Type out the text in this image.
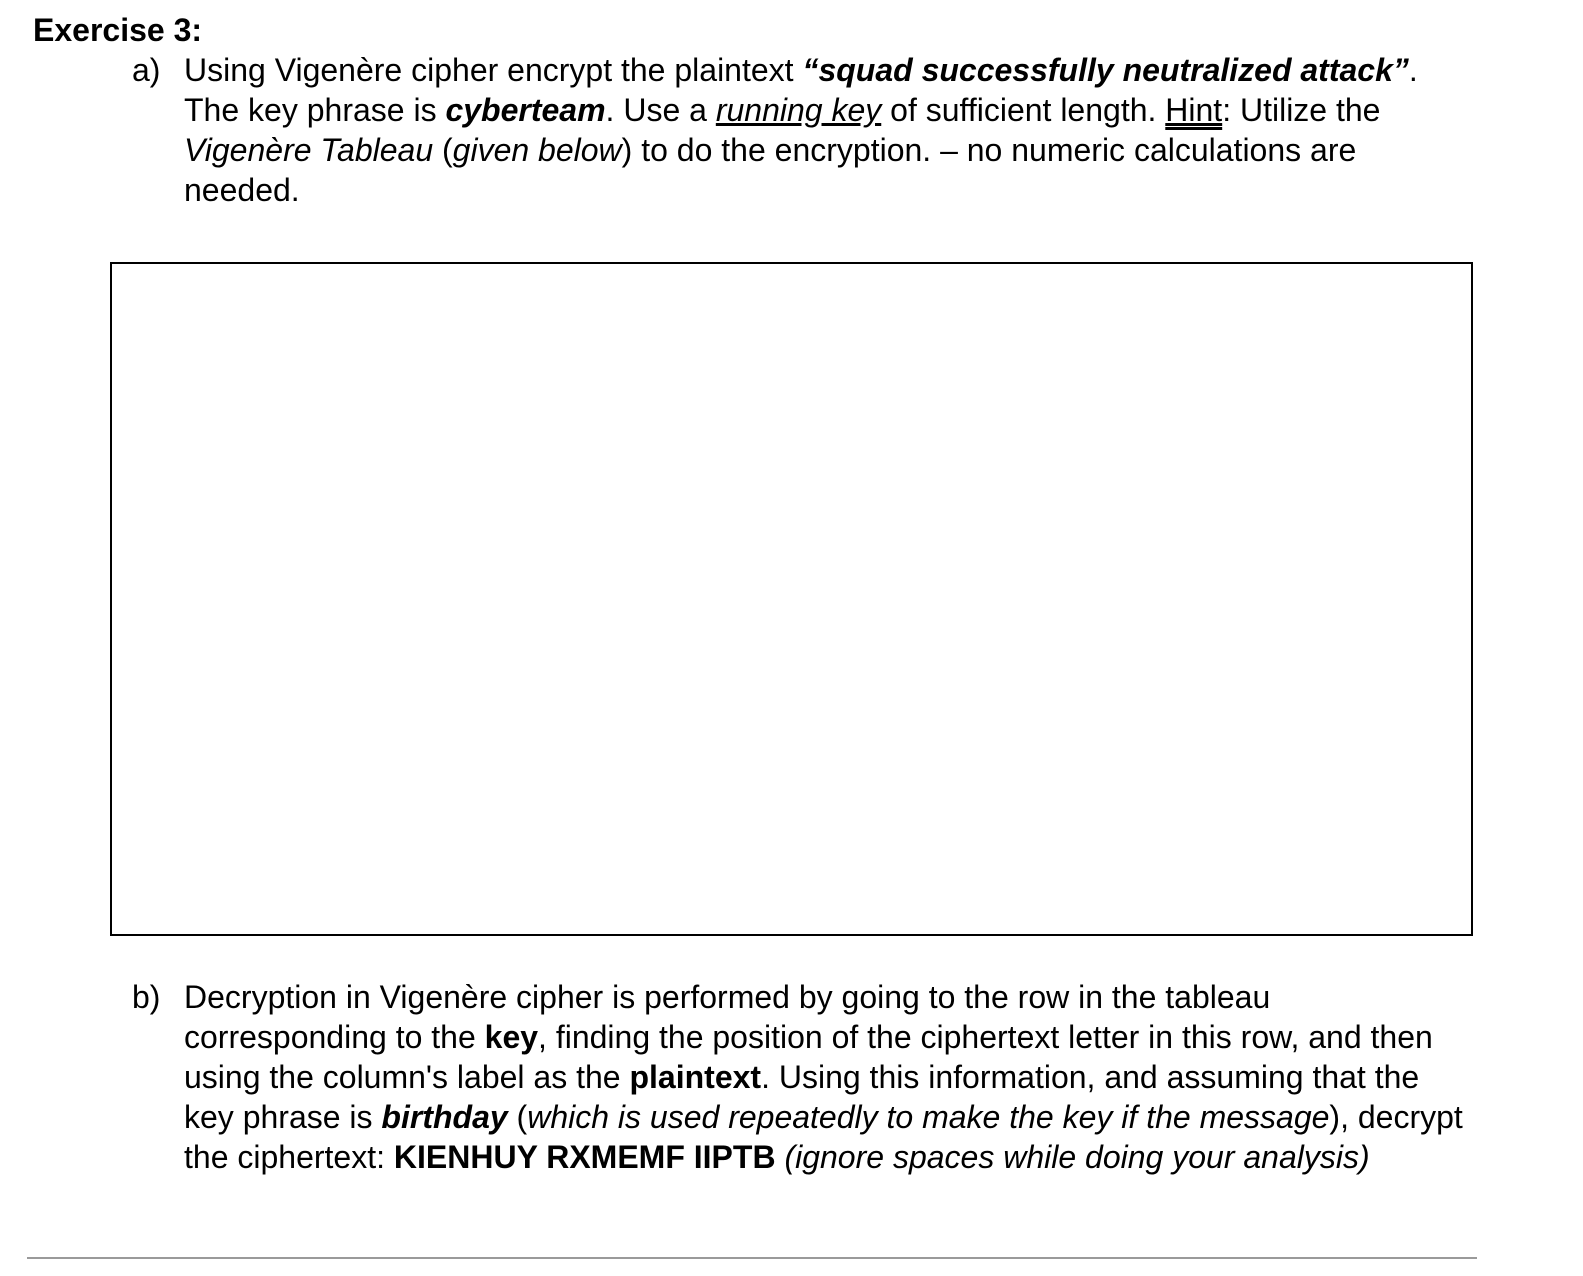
Exercise 3:
a) Using Vigenère cipher encrypt the plaintext “squad successfully neutralized attack”. The key phrase is cyberteam. Use a running key of sufficient length. Hint: Utilize the Vigenère Tableau (given below) to do the encryption. – no numeric calculations are needed.
b) Decryption in Vigenère cipher is performed by going to the row in the tableau corresponding to the key, finding the position of the ciphertext letter in this row, and then using the column's label as the plaintext. Using this information, and assuming that the key phrase is birthday (which is used repeatedly to make the key if the message), decrypt the ciphertext: KIENHUY RXMEMF IIPTB (ignore spaces while doing your analysis)
